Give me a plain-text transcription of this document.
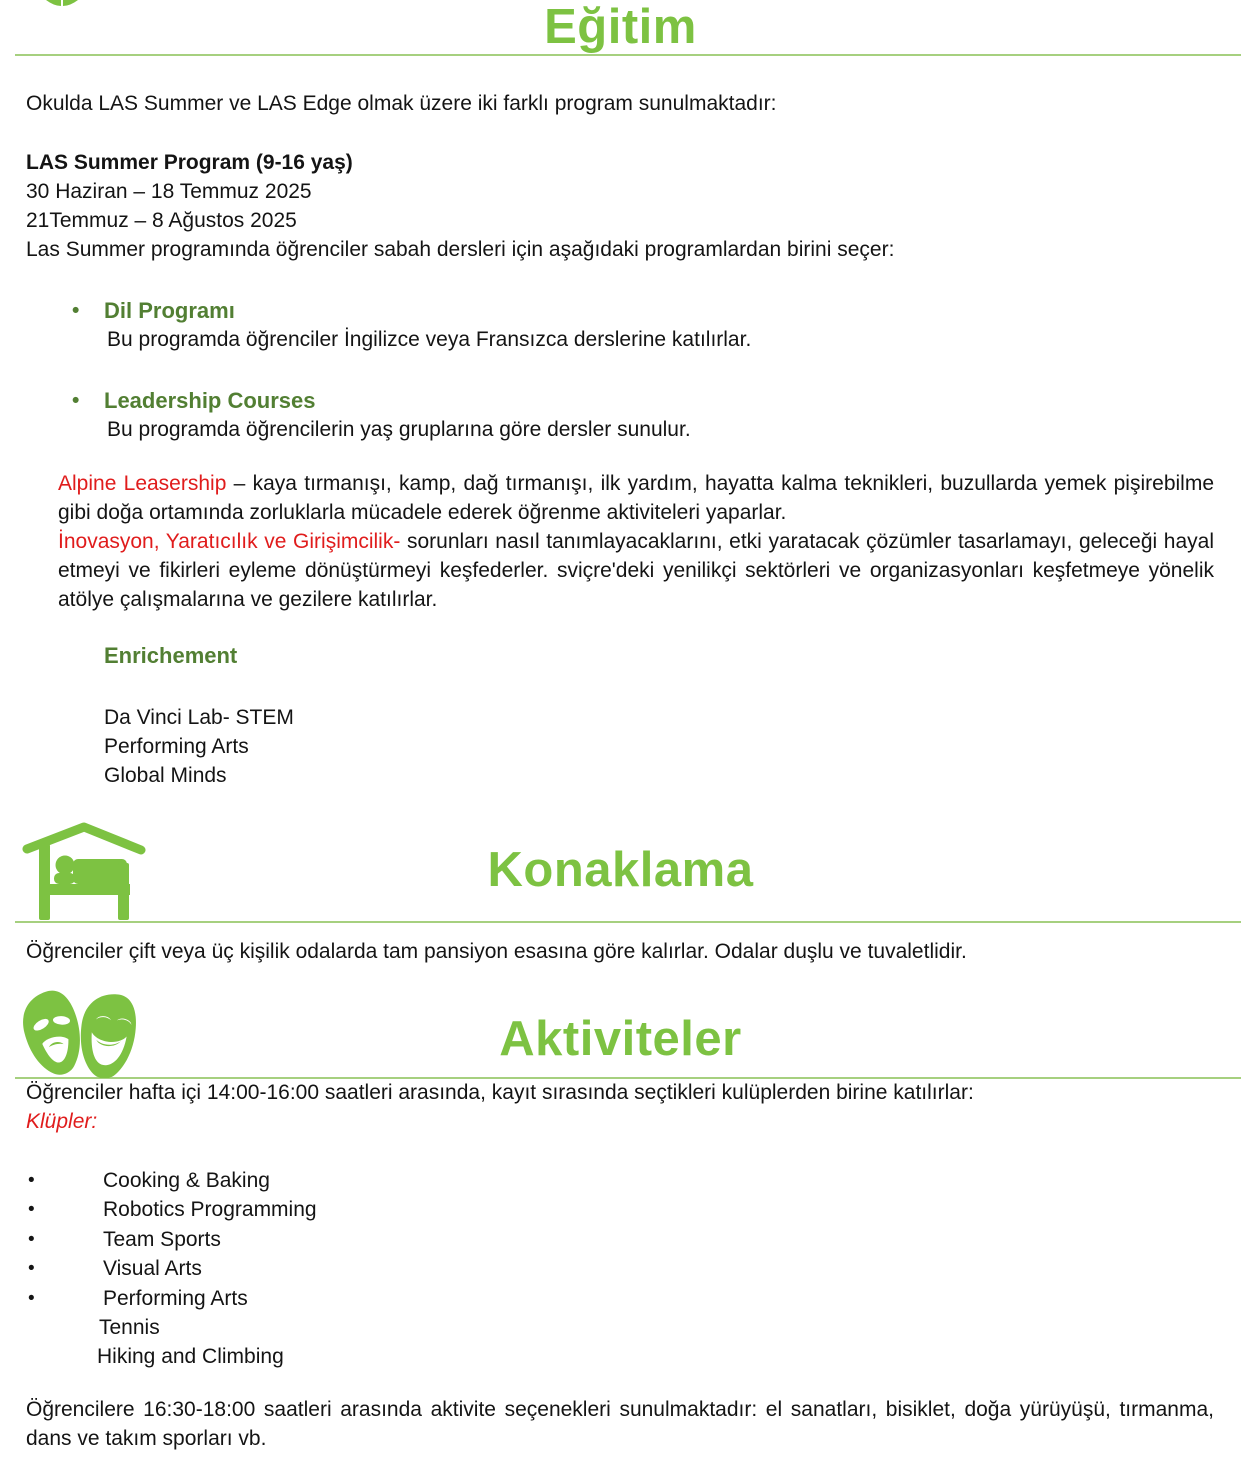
Eğitim

Okulda LAS Summer ve LAS Edge olmak üzere iki farklı program sunulmaktadır:

LAS Summer Program (9-16 yaş)

30 Haziran – 18 Temmuz 2025

21Temmuz – 8 Ağustos 2025

Las Summer programında öğrenciler sabah dersleri için aşağıdaki programlardan birini seçer:

•	Dil Programı

Bu programda öğrenciler İngilizce veya Fransızca derslerine katılırlar.

•	Leadership Courses

Bu programda öğrencilerin yaş gruplarına göre dersler sunulur.

Alpine Leasership – kaya tırmanışı, kamp, dağ tırmanışı, ilk yardım, hayatta kalma teknikleri, buzullarda yemek pişirebilme gibi doğa ortamında zorluklarla mücadele ederek öğrenme aktiviteleri yaparlar.

İnovasyon, Yaratıcılık ve Girişimcilik- sorunları nasıl tanımlayacaklarını, etki yaratacak çözümler tasarlamayı, geleceği hayal etmeyi ve fikirleri eyleme dönüştürmeyi keşfederler. sviçre'deki yenilikçi sektörleri ve organizasyonları keşfetmeye yönelik atölye çalışmalarına ve gezilere katılırlar.

Enrichement

Da Vinci Lab- STEM

Performing Arts

Global Minds

Konaklama

Öğrenciler çift veya üç kişilik odalarda tam pansiyon esasına göre kalırlar. Odalar duşlu ve tuvaletlidir.

Aktiviteler

Öğrenciler hafta içi 14:00-16:00 saatleri arasında, kayıt sırasında seçtikleri kulüplerden birine katılırlar:

Klüpler:

•	Cooking & Baking
•	Robotics Programming
•	Team Sports
•	Visual Arts
•	Performing Arts
Tennis
Hiking and Climbing

Öğrencilere 16:30-18:00 saatleri arasında aktivite seçenekleri sunulmaktadır: el sanatları, bisiklet, doğa yürüyüşü, tırmanma, dans ve takım sporları vb.
